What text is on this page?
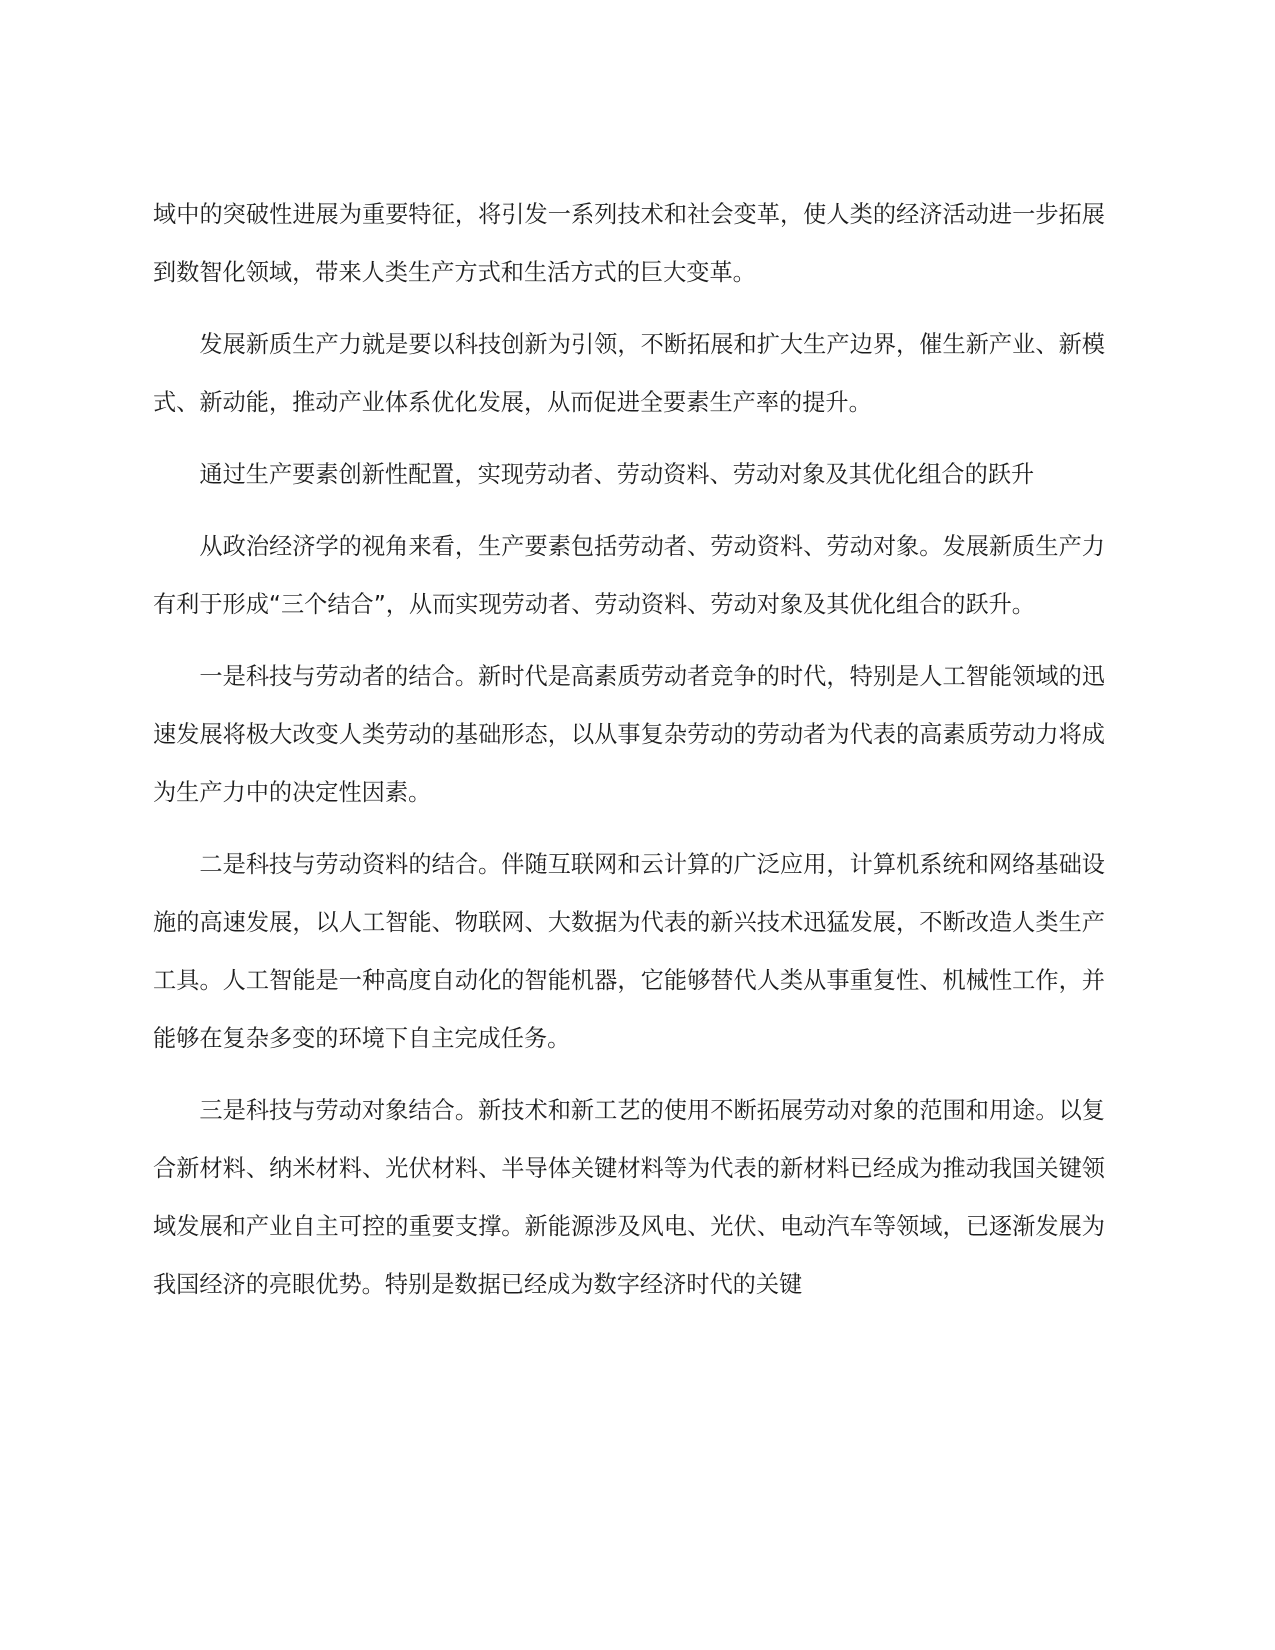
域中的突破性进展为重要特征，将引发一系列技术和社会变革，使人类的经济活动进一步拓展到数智化领域，带来人类生产方式和生活方式的巨大变革。

发展新质生产力就是要以科技创新为引领，不断拓展和扩大生产边界，催生新产业、新模式、新动能，推动产业体系优化发展，从而促进全要素生产率的提升。

通过生产要素创新性配置，实现劳动者、劳动资料、劳动对象及其优化组合的跃升

从政治经济学的视角来看，生产要素包括劳动者、劳动资料、劳动对象。发展新质生产力有利于形成“三个结合”，从而实现劳动者、劳动资料、劳动对象及其优化组合的跃升。

一是科技与劳动者的结合。新时代是高素质劳动者竞争的时代，特别是人工智能领域的迅速发展将极大改变人类劳动的基础形态，以从事复杂劳动的劳动者为代表的高素质劳动力将成为生产力中的决定性因素。

二是科技与劳动资料的结合。伴随互联网和云计算的广泛应用，计算机系统和网络基础设施的高速发展，以人工智能、物联网、大数据为代表的新兴技术迅猛发展，不断改造人类生产工具。人工智能是一种高度自动化的智能机器，它能够替代人类从事重复性、机械性工作，并能够在复杂多变的环境下自主完成任务。

三是科技与劳动对象结合。新技术和新工艺的使用不断拓展劳动对象的范围和用途。以复合新材料、纳米材料、光伏材料、半导体关键材料等为代表的新材料已经成为推动我国关键领域发展和产业自主可控的重要支撑。新能源涉及风电、光伏、电动汽车等领域，已逐渐发展为我国经济的亮眼优势。特别是数据已经成为数字经济时代的关键
